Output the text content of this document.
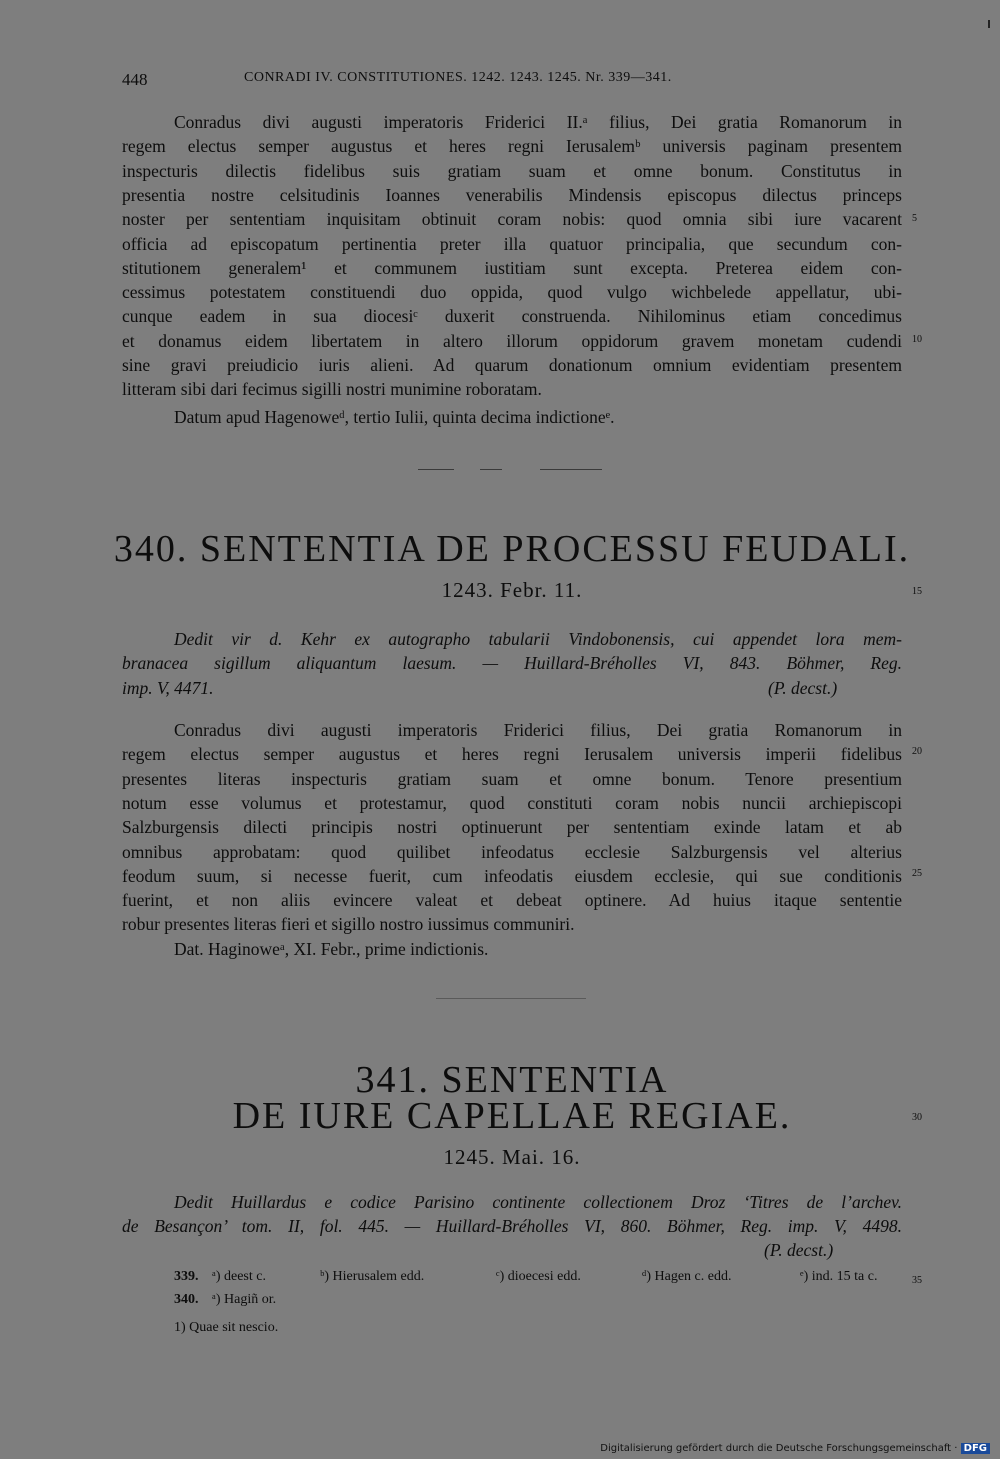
448	CONRADI IV. CONSTITUTIONES. 1242. 1243. 1245. Nr. 339—341.
Conradus divi augusti imperatoris Friderici II.ᵃ filius, Dei gratia Romanorum in
regem electus semper augustus et heres regni Ierusalemᵇ universis paginam presentem
inspecturis dilectis fidelibus suis gratiam suam et omne bonum. Constitutus in
presentia nostre celsitudinis Ioannes venerabilis Mindensis episcopus dilectus princeps
noster per sententiam inquisitam obtinuit coram nobis: quod omnia sibi iure vacarent
officia ad episcopatum pertinentia preter illa quatuor principalia, que secundum con-
stitutionem generalem¹ et communem iustitiam sunt excepta. Preterea eidem con-
cessimus potestatem constituendi duo oppida, quod vulgo wichbelede appellatur, ubi-
cunque eadem in sua diocesiᶜ duxerit construenda. Nihilominus etiam concedimus
et donamus eidem libertatem in altero illorum oppidorum gravem monetam cudendi
sine gravi preiudicio iuris alieni. Ad quarum donationum omnium evidentiam presentem
litteram sibi dari fecimus sigilli nostri munimine roboratam.
Datum apud Hagenoweᵈ, tertio Iulii, quinta decima indictioneᵉ.
340. SENTENTIA DE PROCESSU FEUDALI.
1243. Febr. 11.
Dedit vir d. Kehr ex autographo tabularii Vindobonensis, cui appendet lora mem-
branacea sigillum aliquantum laesum. — Huillard-Bréholles VI, 843. Böhmer, Reg.
imp. V, 4471.	(P. decst.)
Conradus divi augusti imperatoris Friderici filius, Dei gratia Romanorum in
regem electus semper augustus et heres regni Ierusalem universis imperii fidelibus
presentes literas inspecturis gratiam suam et omne bonum. Tenore presentium
notum esse volumus et protestamur, quod constituti coram nobis nuncii archiepiscopi
Salzburgensis dilecti principis nostri optinuerunt per sententiam exinde latam et ab
omnibus approbatam: quod quilibet infeodatus ecclesie Salzburgensis vel alterius
feodum suum, si necesse fuerit, cum infeodatis eiusdem ecclesie, qui sue conditionis
fuerint, et non aliis evincere valeat et debeat optinere. Ad huius itaque sententie
robur presentes literas fieri et sigillo nostro iussimus communiri.
Dat. Haginoweᵃ, XI. Febr., prime indictionis.
341. SENTENTIA
DE IURE CAPELLAE REGIAE.
1245. Mai. 16.
Dedit Huillardus e codice Parisino continente collectionem Droz ‘Titres de l’archev.
de Besançon’ tom. II, fol. 445. — Huillard-Bréholles VI, 860. Böhmer, Reg. imp. V, 4498.
(P. decst.)
5
10
15
20
25
30
35
339. ᵃ) deest c.	ᵇ) Hierusalem edd.	ᶜ) dioecesi edd.	ᵈ) Hagen c. edd.	ᵉ) ind. 15 ta c.
340. ᵃ) Hagiñ or.
1) Quae sit nescio.
Digitalisierung gefördert durch die Deutsche Forschungsgemeinschaft · DFG
